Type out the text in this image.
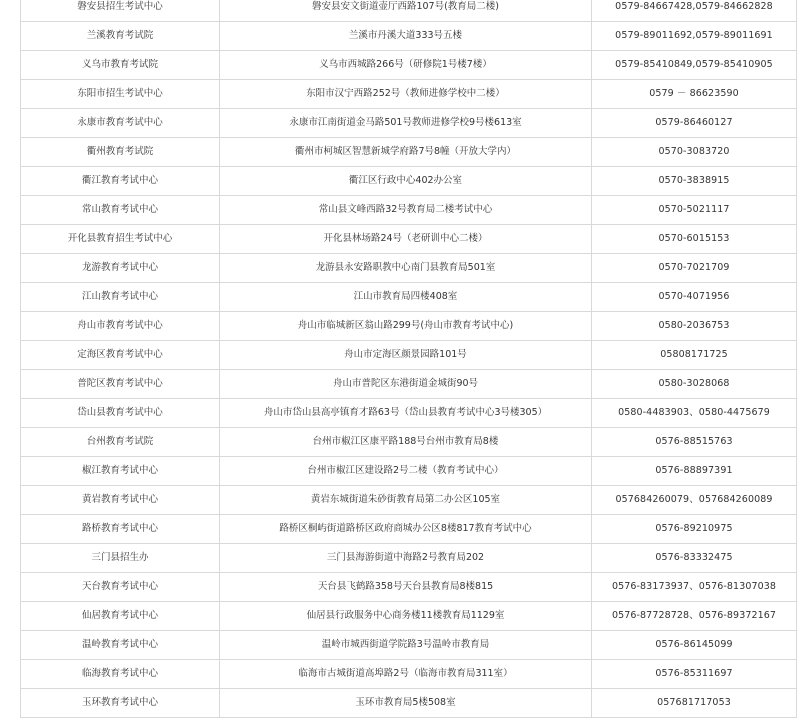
磐安县招生考试中心	磐安县安文街道壶厅西路107号(教育局二楼)	0579-84667428,0579-84662828
兰溪教育考试院	兰溪市丹溪大道333号五楼	0579-89011692,0579-89011691
义乌市教育考试院	义乌市西城路266号（研修院1号楼7楼）	0579-85410849,0579-85410905
东阳市招生考试中心	东阳市汉宁西路252号（教师进修学校中二楼）	0579 － 86623590
永康市教育考试中心	永康市江南街道金马路501号教师进修学校9号楼613室	0579-86460127
衢州教育考试院	衢州市柯城区智慧新城学府路7号8幢（开放大学内）	0570-3083720
衢江教育考试中心	衢江区行政中心402办公室	0570-3838915
常山教育考试中心	常山县文峰西路32号教育局二楼考试中心	0570-5021117
开化县教育招生考试中心	开化县林场路24号（老研训中心二楼）	0570-6015153
龙游教育考试中心	龙游县永安路职教中心南门县教育局501室	0570-7021709
江山教育考试中心	江山市教育局四楼408室	0570-4071956
舟山市教育考试中心	舟山市临城新区翁山路299号(舟山市教育考试中心)	0580-2036753
定海区教育考试中心	舟山市定海区颜景园路101号	05808171725
普陀区教育考试中心	舟山市普陀区东港街道金城街90号	0580-3028068
岱山县教育考试中心	舟山市岱山县高亭镇育才路63号（岱山县教育考试中心3号楼305）	0580-4483903、0580-4475679
台州教育考试院	台州市椒江区康平路188号台州市教育局8楼	0576-88515763
椒江教育考试中心	台州市椒江区建设路2号二楼（教育考试中心）	0576-88897391
黄岩教育考试中心	黄岩东城街道朱砂街教育局第二办公区105室	057684260079、057684260089
路桥教育考试中心	路桥区桐屿街道路桥区政府商城办公区8楼817教育考试中心	0576-89210975
三门县招生办	三门县海游街道中海路2号教育局202	0576-83332475
天台教育考试中心	天台县飞鹤路358号天台县教育局8楼815	0576-83173937、0576-81307038
仙居教育考试中心	仙居县行政服务中心商务楼11楼教育局1129室	0576-87728728、0576-89372167
温岭教育考试中心	温岭市城西街道学院路3号温岭市教育局	0576-86145099
临海教育考试中心	临海市古城街道高埠路2号（临海市教育局311室）	0576-85311697
玉环教育考试中心	玉环市教育局5楼508室	057681717053
